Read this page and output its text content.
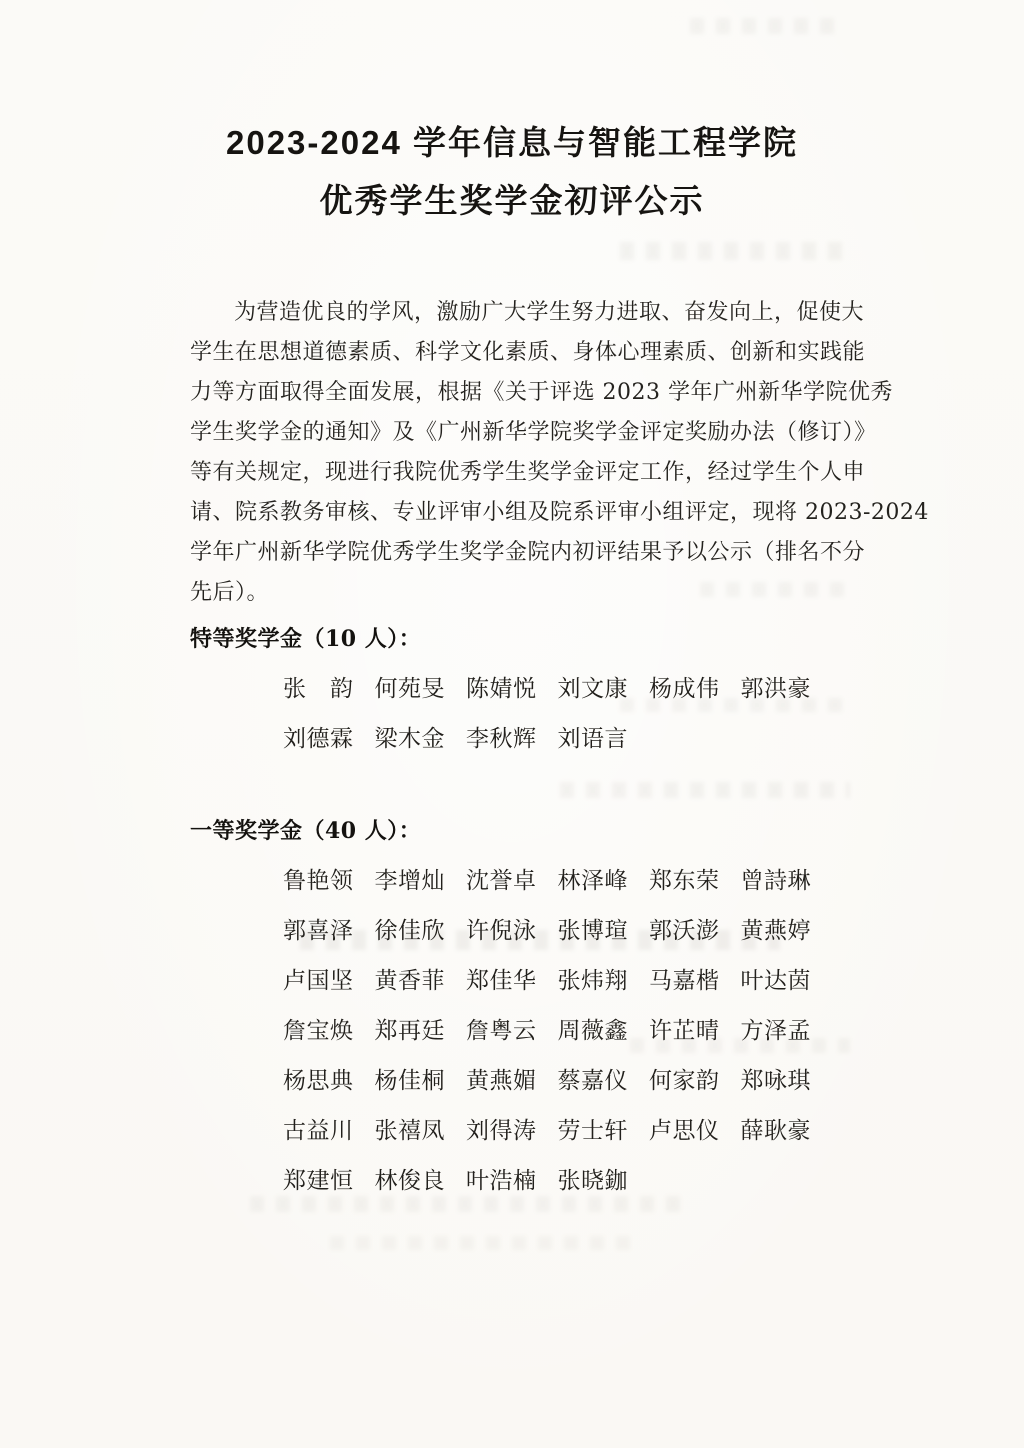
2023-2024 学年信息与智能工程学院
优秀学生奖学金初评公示
为营造优良的学风，激励广大学生努力进取、奋发向上，促使大
学生在思想道德素质、科学文化素质、身体心理素质、创新和实践能
力等方面取得全面发展，根据《关于评选 2023 学年广州新华学院优秀
学生奖学金的通知》及《广州新华学院奖学金评定奖励办法（修订）》
等有关规定，现进行我院优秀学生奖学金评定工作，经过学生个人申
请、院系教务审核、专业评审小组及院系评审小组评定，现将 2023-2024
学年广州新华学院优秀学生奖学金院内初评结果予以公示（排名不分
先后）。
特等奖学金（10 人）：
张　韵 何苑旻 陈婧悦 刘文康 杨成伟 郭洪豪
刘德霖 梁木金 李秋辉 刘语言
一等奖学金（40 人）：
鲁艳领 李增灿 沈誉卓 林泽峰 郑东荣 曾詩琳
郭喜泽 徐佳欣 许倪泳 张博瑄 郭沃澎 黄燕婷
卢国坚 黄香菲 郑佳华 张炜翔 马嘉楷 叶达茵
詹宝焕 郑再廷 詹粤云 周薇鑫 许芷晴 方泽孟
杨思典 杨佳桐 黄燕媚 蔡嘉仪 何家韵 郑咏琪
古益川 张禧凤 刘得涛 劳士轩 卢思仪 薛耿豪
郑建恒 林俊良 叶浩楠 张晓鉫
